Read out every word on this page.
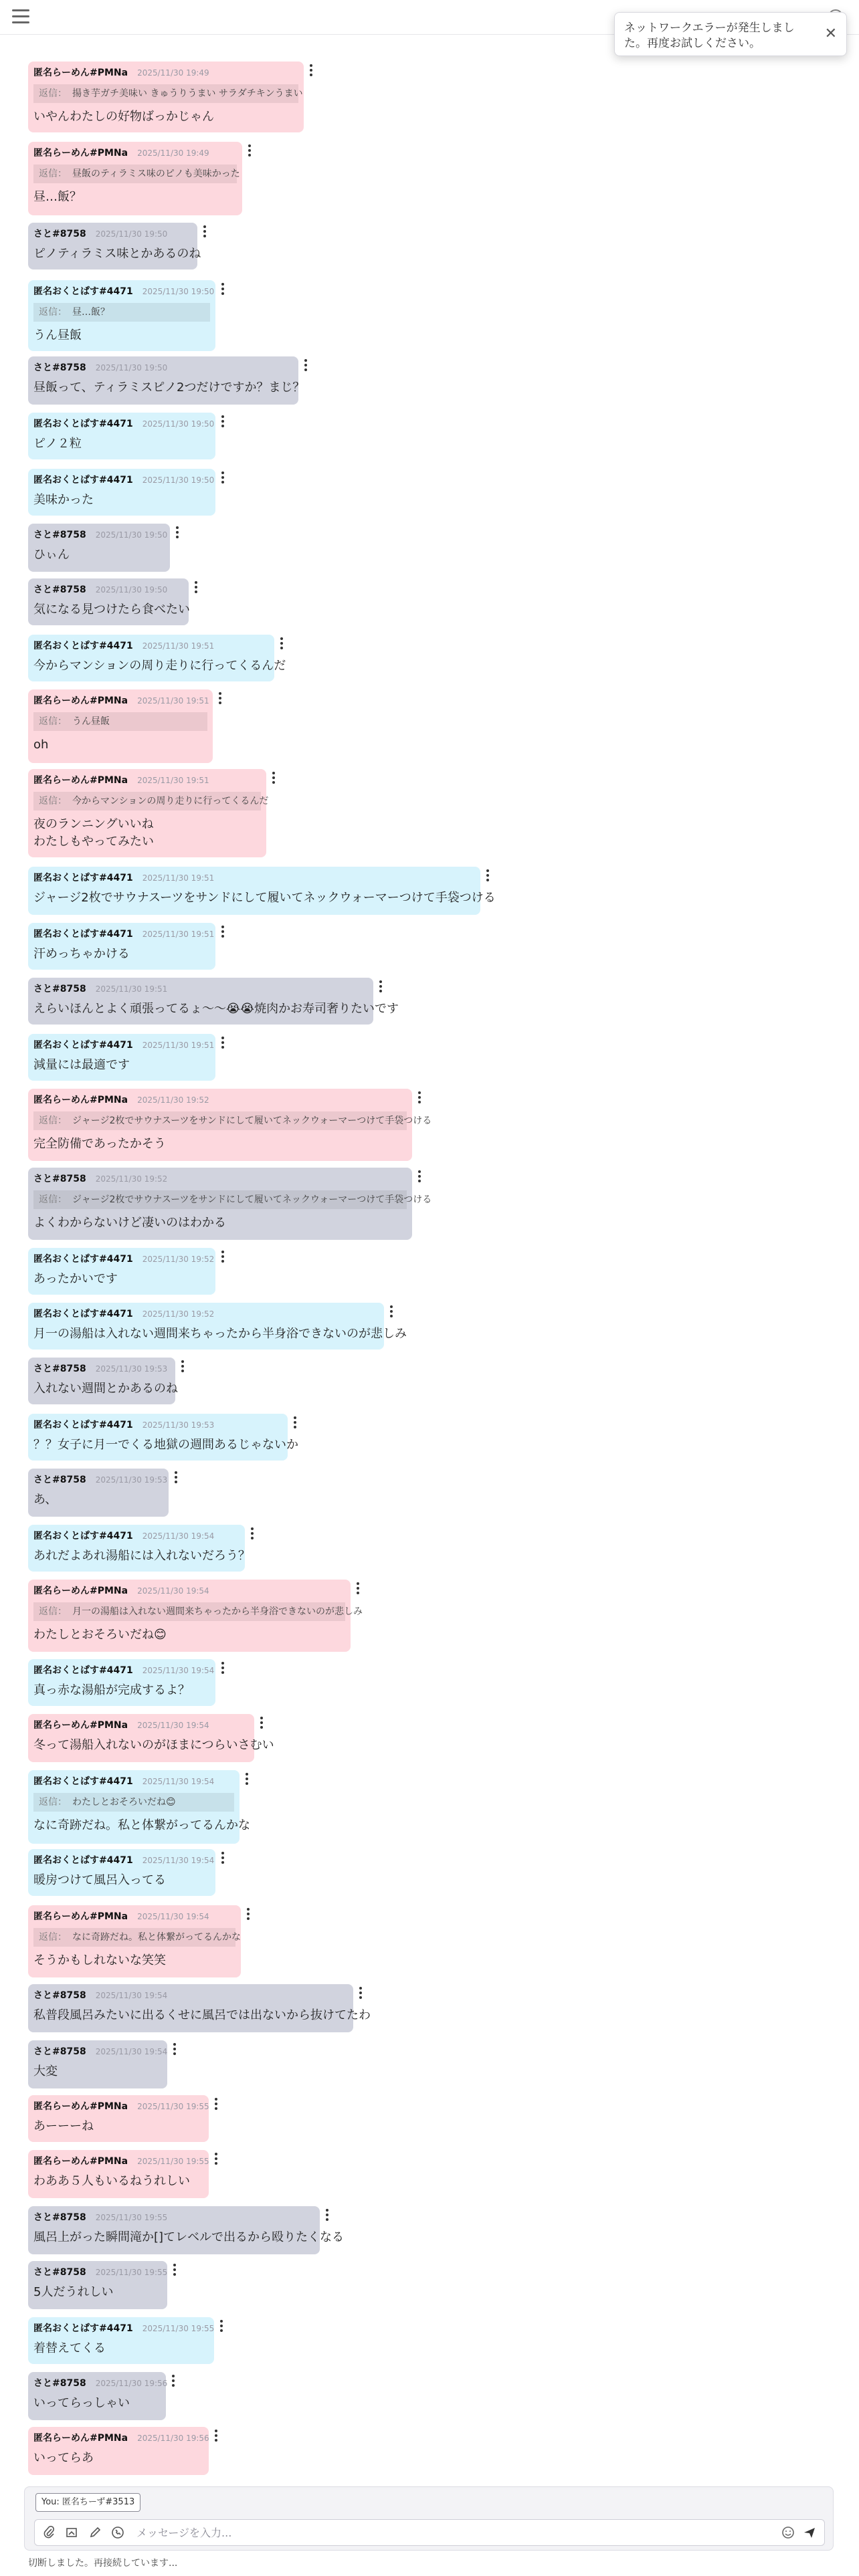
匿名らーめん#PMNa 2025/11/30 19:49
返信： 揚き芋ガチ美味い きゅうりうまい サラダチキンうまい
いやんわたしの好物ばっかじゃん
匿名らーめん#PMNa 2025/11/30 19:49
返信： 昼飯のティラミス味のピノも美味かった
昼…飯？
さと#8758 2025/11/30 19:50
ピノティラミス味とかあるのね
匿名おくとぱす#4471 2025/11/30 19:50
返信： 昼…飯？
うん昼飯
さと#8758 2025/11/30 19:50
昼飯って、ティラミスピノ2つだけですか？まじ？
匿名おくとぱす#4471 2025/11/30 19:50
ピノ２粒
匿名おくとぱす#4471 2025/11/30 19:50
美味かった
さと#8758 2025/11/30 19:50
ひぃん
さと#8758 2025/11/30 19:50
気になる見つけたら食べたい
匿名おくとぱす#4471 2025/11/30 19:51
今からマンションの周り走りに行ってくるんだ
匿名らーめん#PMNa 2025/11/30 19:51
返信： うん昼飯
oh
匿名らーめん#PMNa 2025/11/30 19:51
返信： 今からマンションの周り走りに行ってくるんだ
夜のランニングいいね
わたしもやってみたい
匿名おくとぱす#4471 2025/11/30 19:51
ジャージ2枚でサウナスーツをサンドにして履いてネックウォーマーつけて手袋つける
匿名おくとぱす#4471 2025/11/30 19:51
汗めっちゃかける
さと#8758 2025/11/30 19:51
えらいほんとよく頑張ってるょ〜〜😭😭焼肉かお寿司奢りたいです
匿名おくとぱす#4471 2025/11/30 19:51
減量には最適です
匿名らーめん#PMNa 2025/11/30 19:52
返信： ジャージ2枚でサウナスーツをサンドにして履いてネックウォーマーつけて手袋つける
完全防備であったかそう
さと#8758 2025/11/30 19:52
返信： ジャージ2枚でサウナスーツをサンドにして履いてネックウォーマーつけて手袋つける
よくわからないけど凄いのはわかる
匿名おくとぱす#4471 2025/11/30 19:52
あったかいです
匿名おくとぱす#4471 2025/11/30 19:52
月一の湯船は入れない週間来ちゃったから半身浴できないのが悲しみ
さと#8758 2025/11/30 19:53
入れない週間とかあるのね
匿名おくとぱす#4471 2025/11/30 19:53
？？女子に月一でくる地獄の週間あるじゃないか
さと#8758 2025/11/30 19:53
あ、
匿名おくとぱす#4471 2025/11/30 19:54
あれだよあれ湯船には入れないだろう？
匿名らーめん#PMNa 2025/11/30 19:54
返信： 月一の湯船は入れない週間来ちゃったから半身浴できないのが悲しみ
わたしとおそろいだね😊
匿名おくとぱす#4471 2025/11/30 19:54
真っ赤な湯船が完成するよ？
匿名らーめん#PMNa 2025/11/30 19:54
冬って湯船入れないのがほまにつらいさむい
匿名おくとぱす#4471 2025/11/30 19:54
返信： わたしとおそろいだね😊
なに奇跡だね。私と体繋がってるんかな
匿名おくとぱす#4471 2025/11/30 19:54
暖房つけて風呂入ってる
匿名らーめん#PMNa 2025/11/30 19:54
返信： なに奇跡だね。私と体繋がってるんかな
そうかもしれないな笑笑
さと#8758 2025/11/30 19:54
私普段風呂みたいに出るくせに風呂では出ないから抜けてたわ
さと#8758 2025/11/30 19:54
大変
匿名らーめん#PMNa 2025/11/30 19:55
あーーーね
匿名らーめん#PMNa 2025/11/30 19:55
わああ５人もいるねうれしい
さと#8758 2025/11/30 19:55
風呂上がった瞬間滝か[]てレベルで出るから殴りたくなる
さと#8758 2025/11/30 19:55
5人だうれしい
匿名おくとぱす#4471 2025/11/30 19:55
着替えてくる
さと#8758 2025/11/30 19:56
いってらっしゃい
匿名らーめん#PMNa 2025/11/30 19:56
いってらあ
ネットワークエラーが発生しました。再度お試しください。
✕
You: 匿名ちーず#3513
メッセージを入力...
切断しました。再接続しています...
